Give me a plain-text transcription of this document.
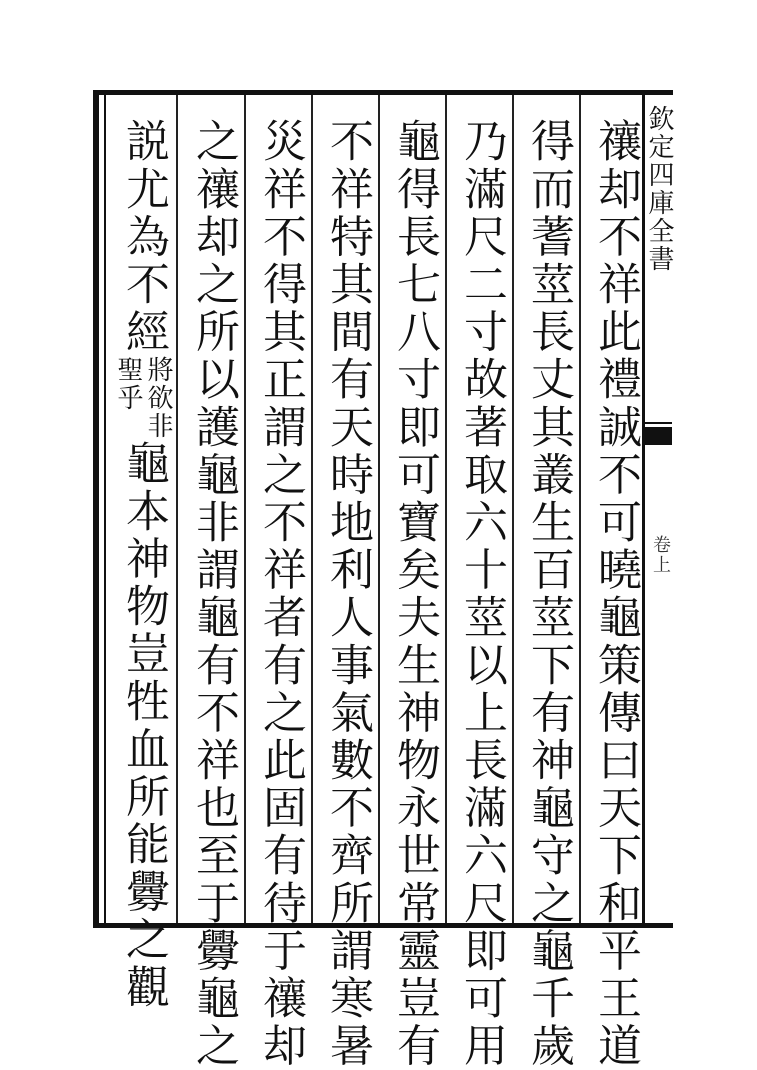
禳却不祥此禮誠不可曉龜策傳曰天下和平王道
得而蓍莖長丈其叢生百莖下有神龜守之龜千歲
乃滿尺二寸故著取六十莖以上長滿六尺即可用
龜得長七八寸即可寶矣夫生神物永世常靈豈有
不祥特其間有天時地利人事氣數不齊所謂寒暑
災祥不得其正謂之不祥者有之此固有待于禳却
之禳却之所以護龜非謂龜有不祥也至于釁龜之
説尤為不經
將欲非
聖乎
龜本神物豈牲血所能釁之觀
欽定四庫全書
卷上
